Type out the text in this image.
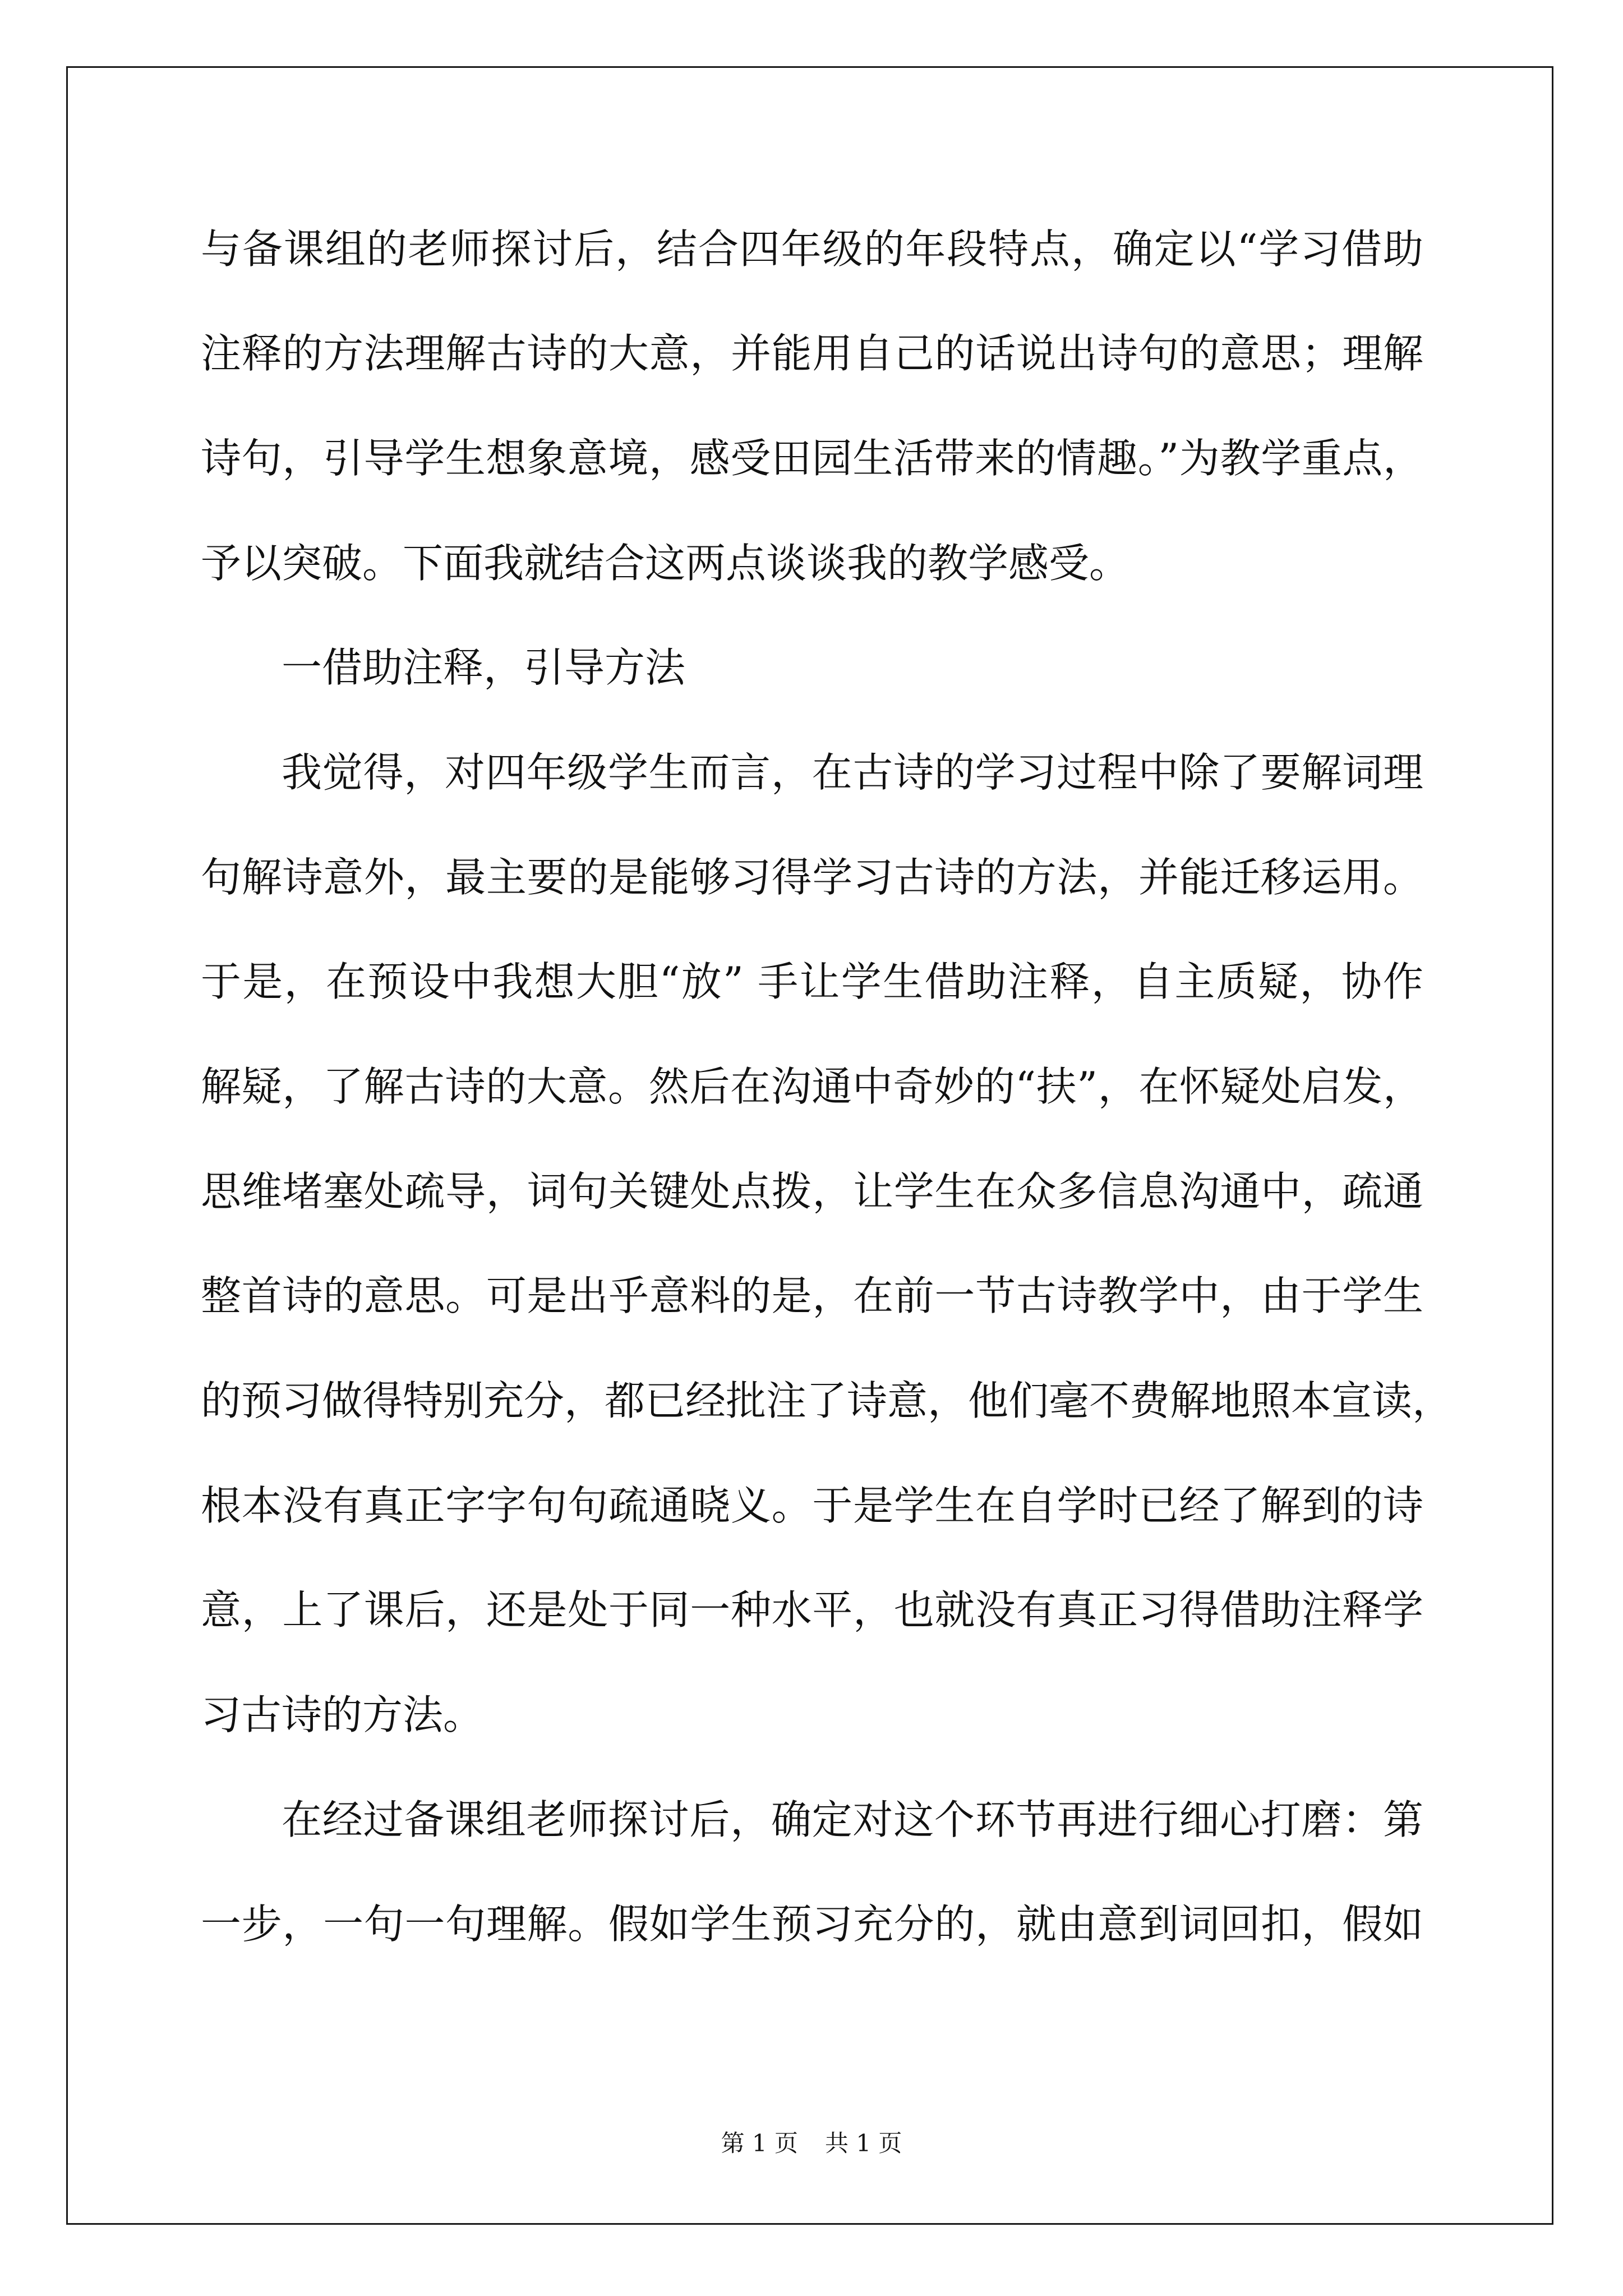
与备课组的老师探讨后，结合四年级的年段特点，确定以“学习借助
注释的方法理解古诗的大意，并能用自己的话说出诗句的意思；理解
诗句，引导学生想象意境，感受田园生活带来的情趣。”为教学重点，
予以突破。下面我就结合这两点谈谈我的教学感受。
一借助注释，引导方法
我觉得，对四年级学生而言，在古诗的学习过程中除了要解词理
句解诗意外，最主要的是能够习得学习古诗的方法，并能迁移运用。
于是，在预设中我想大胆“放” 手让学生借助注释，自主质疑，协作
解疑，了解古诗的大意。然后在沟通中奇妙的“扶”，在怀疑处启发，
思维堵塞处疏导，词句关键处点拨，让学生在众多信息沟通中，疏通
整首诗的意思。可是出乎意料的是，在前一节古诗教学中，由于学生
的预习做得特别充分，都已经批注了诗意，他们毫不费解地照本宣读，
根本没有真正字字句句疏通晓义。于是学生在自学时已经了解到的诗
意，上了课后，还是处于同一种水平，也就没有真正习得借助注释学
习古诗的方法。
在经过备课组老师探讨后，确定对这个环节再进行细心打磨：第
一步，一句一句理解。假如学生预习充分的，就由意到词回扣，假如
第 1 页 共 1 页
